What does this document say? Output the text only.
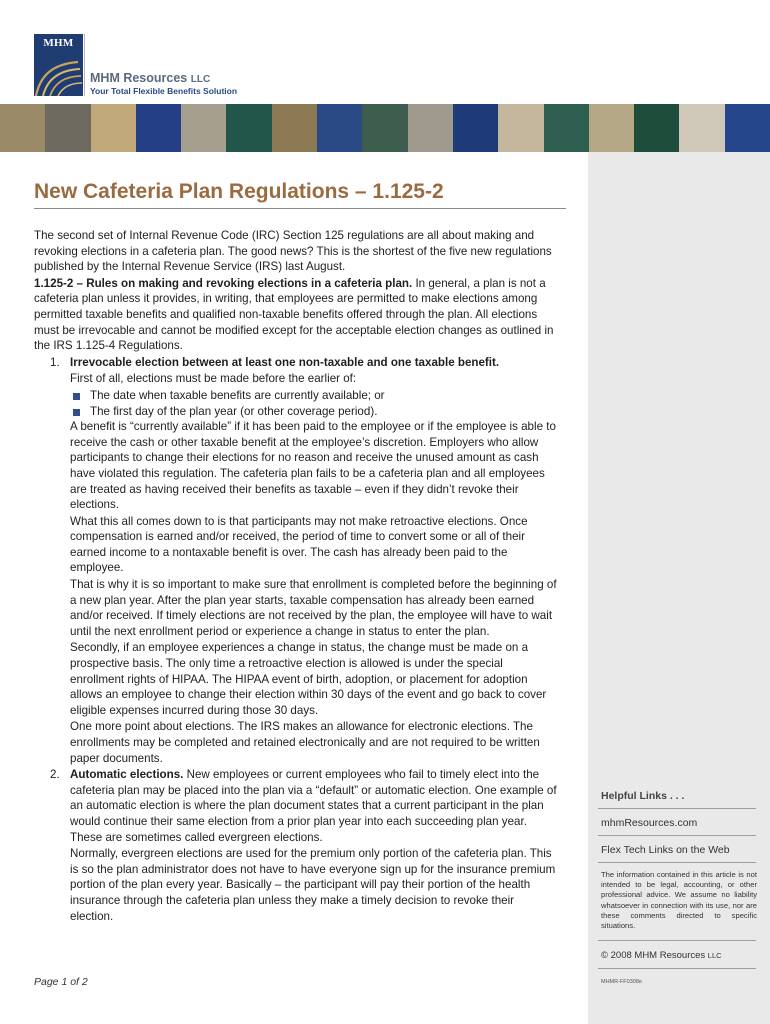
MHM
MHM Resources LLC
Your Total Flexible Benefits Solution
New Cafeteria Plan Regulations – 1.125-2

The second set of Internal Revenue Code (IRC) Section 125 regulations are all about making and revoking elections in a cafeteria plan. The good news? This is the shortest of the five new regulations published by the Internal Revenue Service (IRS) last August.

1.125-2 – Rules on making and revoking elections in a cafeteria plan. In general, a plan is not a cafeteria plan unless it provides, in writing, that employees are permitted to make elections among permitted taxable benefits and qualified non-taxable benefits offered through the plan. All elections must be irrevocable and cannot be modified except for the acceptable election changes as outlined in the IRS 1.125-4 Regulations.

1. Irrevocable election between at least one non-taxable and one taxable benefit.

First of all, elections must be made before the earlier of:

The date when taxable benefits are currently available; or
The first day of the plan year (or other coverage period).

A benefit is “currently available” if it has been paid to the employee or if the employee is able to receive the cash or other taxable benefit at the employee’s discretion. Employers who allow participants to change their elections for no reason and receive the unused amount as cash have violated this regulation. The cafeteria plan fails to be a cafeteria plan and all employees are treated as having received their benefits as taxable – even if they didn’t revoke their elections.

What this all comes down to is that participants may not make retroactive elections. Once compensation is earned and/or received, the period of time to convert some or all of their earned income to a nontaxable benefit is over. The cash has already been paid to the employee.

That is why it is so important to make sure that enrollment is completed before the beginning of a new plan year. After the plan year starts, taxable compensation has already been earned and/or received. If timely elections are not received by the plan, the employee will have to wait until the next enrollment period or experience a change in status to enter the plan.

Secondly, if an employee experiences a change in status, the change must be made on a prospective basis. The only time a retroactive election is allowed is under the special enrollment rights of HIPAA. The HIPAA event of birth, adoption, or placement for adoption allows an employee to change their election within 30 days of the event and go back to cover eligible expenses incurred during those 30 days.

One more point about elections. The IRS makes an allowance for electronic elections. The enrollments may be completed and retained electronically and are not required to be written paper documents.

2. Automatic elections. New employees or current employees who fail to timely elect into the cafeteria plan may be placed into the plan via a “default” or automatic election. One example of an automatic election is where the plan document states that a current participant in the plan would continue their same election from a prior plan year into each succeeding plan year. These are sometimes called evergreen elections.

Normally, evergreen elections are used for the premium only portion of the cafeteria plan. This is so the plan administrator does not have to have everyone sign up for the insurance premium portion of the plan every year. Basically – the participant will pay their portion of the health insurance through the cafeteria plan unless they make a timely decision to revoke their election.

Page 1 of 2
Helpful Links . . .
mhmResources.com
Flex Tech Links on the Web
The information contained in this article is not intended to be legal, accounting, or other professional advice. We assume no liability whatsoever in connection with its use, nor are these comments directed to specific situations.
© 2008 MHM Resources LLC
MHMR-FF0308e
